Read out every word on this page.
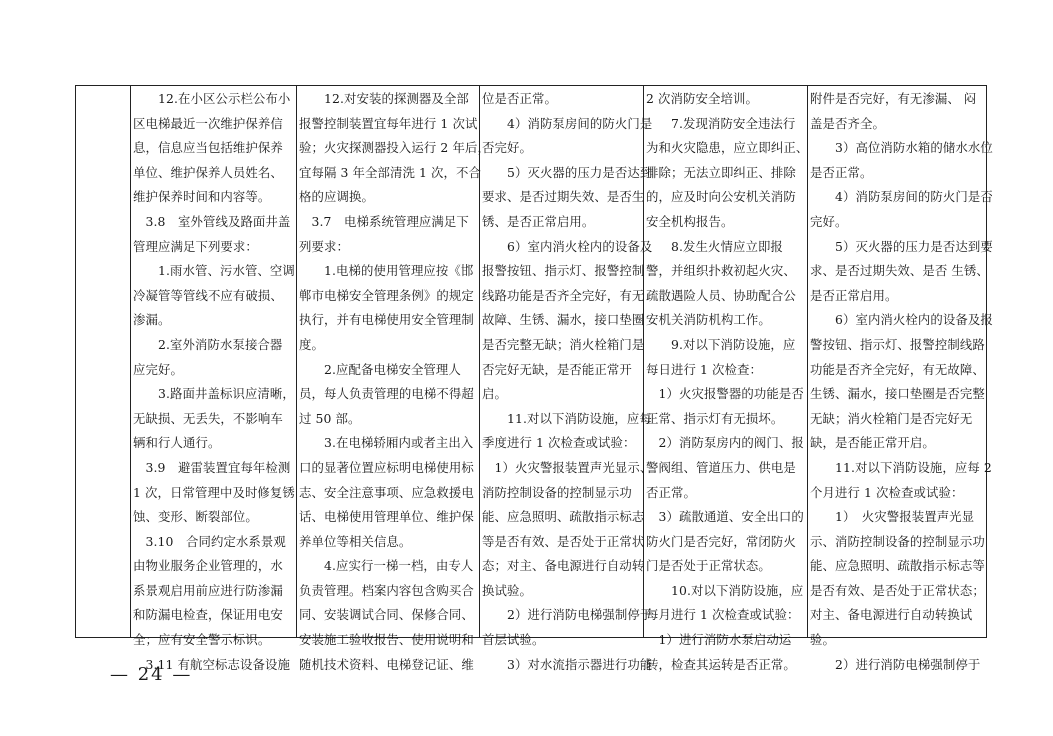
　　12.在小区公示栏公布小
区电梯最近一次维护保养信
息，信息应当包括维护保养
单位、维护保养人员姓名、
维护保养时间和内容等。
　3.8　室外管线及路面井盖
管理应满足下列要求：
　　1.雨水管、污水管、空调
冷凝管等管线不应有破损、
渗漏。
　　2.室外消防水泵接合器
应完好。
　　3.路面井盖标识应清晰，
无缺损、无丢失，不影响车
辆和行人通行。
　3.9　避雷装置宜每年检测
1 次，日常管理中及时修复锈
蚀、变形、断裂部位。
　3.10　合同约定水系景观
由物业服务企业管理的，水
系景观启用前应进行防渗漏
和防漏电检查，保证用电安
全；应有安全警示标识。
　3.11 有航空标志设备设施
　　12.对安装的探测器及全部
报警控制装置宜每年进行 1 次试
验；火灾探测器投入运行 2 年后，
宜每隔 3 年全部清洗 1 次，不合
格的应调换。
　3.7　电梯系统管理应满足下
列要求：
　　1.电梯的使用管理应按《邯
郸市电梯安全管理条例》的规定
执行，并有电梯使用安全管理制
度。
　　2.应配备电梯安全管理人
员，每人负责管理的电梯不得超
过 50 部。
　　3.在电梯轿厢内或者主出入
口的显著位置应标明电梯使用标
志、安全注意事项、应急救援电
话、电梯使用管理单位、维护保
养单位等相关信息。
　　4.应实行一梯一档，由专人
负责管理。档案内容包含购买合
同、安装调试合同、保修合同、
安装施工验收报告、使用说明和
随机技术资料、电梯登记证、维
位是否正常。
　　4）消防泵房间的防火门是
否完好。
　　5）灭火器的压力是否达到
要求、是否过期失效、是否生
锈、是否正常启用。
　　6）室内消火栓内的设备及
报警按钮、指示灯、报警控制
线路功能是否齐全完好，有无
故障、生锈、漏水，接口垫圈
是否完整无缺；消火栓箱门是
否完好无缺，是否能正常开
启。
　　11.对以下消防设施，应每
季度进行 1 次检查或试验：
　1）火灾警报装置声光显示、
消防控制设备的控制显示功
能、应急照明、疏散指示标志
等是否有效、是否处于正常状
态；对主、备电源进行自动转
换试验。
　　2）进行消防电梯强制停于
首层试验。
　　3）对水流指示器进行功能
2 次消防安全培训。
　　7.发现消防安全违法行
为和火灾隐患，应立即纠正、
排除；无法立即纠正、排除
的，应及时向公安机关消防
安全机构报告。
　　8.发生火情应立即报
警，并组织扑救初起火灾、
疏散遇险人员、协助配合公
安机关消防机构工作。
　　9.对以下消防设施，应
每日进行 1 次检查：
　1）火灾报警器的功能是否
正常、指示灯有无损坏。
　2）消防泵房内的阀门、报
警阀组、管道压力、供电是
否正常。
　3）疏散通道、安全出口的
防火门是否完好，常闭防火
门是否处于正常状态。
　　10.对以下消防设施，应
每月进行 1 次检查或试验：
　1）进行消防水泵启动运
转，检查其运转是否正常。
附件是否完好，有无渗漏、 闷
盖是否齐全。
　　3）高位消防水箱的储水水位
是否正常。
　　4）消防泵房间的防火门是否
完好。
　　5）灭火器的压力是否达到要
求、是否过期失效、是否 生锈、
是否正常启用。
　　6）室内消火栓内的设备及报
警按钮、指示灯、报警控制线路
功能是否齐全完好，有无故障、
生锈、漏水，接口垫圈是否完整
无缺；消火栓箱门是否完好无
缺，是否能正常开启。
　　11.对以下消防设施，应每 2
个月进行 1 次检查或试验：
　　1）　火灾警报装置声光显
示、消防控制设备的控制显示功
能、应急照明、疏散指示标志等
是否有效、是否处于正常状态；
对主、备电源进行自动转换试
验。
　　2）进行消防电梯强制停于
— 24 —
